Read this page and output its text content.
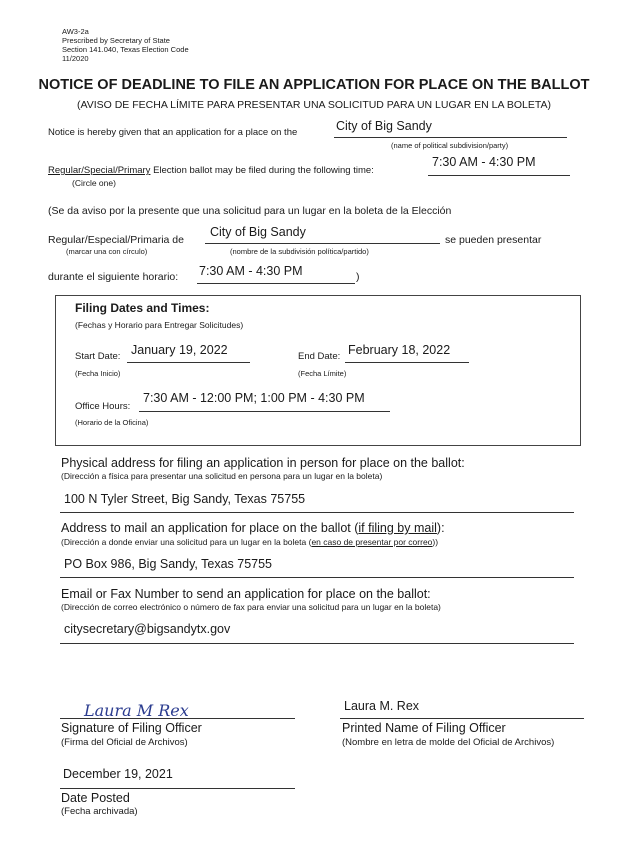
AW3-2a
Prescribed by Secretary of State
Section 141.040, Texas Election Code
11/2020
NOTICE OF DEADLINE TO FILE AN APPLICATION FOR PLACE ON THE BALLOT
(AVISO DE FECHA LÍMITE PARA PRESENTAR UNA SOLICITUD PARA UN LUGAR EN LA BOLETA)
Notice is hereby given that an application for a place on the	City of Big Sandy
(name of political subdivision/party)
Regular/Special/Primary Election ballot may be filed during the following time:
7:30 AM - 4:30 PM
(Circle one)
(Se da aviso por la presente que una solicitud para un lugar en la boleta de la Elección
Regular/Especial/Primaria de
City of Big Sandy
se pueden presentar
(marcar una con círculo)	(nombre de la subdivisión política/partido)
durante el siguiente horario: 7:30 AM - 4:30 PM	)
Filing Dates and Times:
(Fechas y Horario para Entregar Solicitudes)
Start Date: January 19, 2022
(Fecha Inicio)
End Date: February 18, 2022
(Fecha Límite)
Office Hours:
7:30 AM - 12:00 PM; 1:00 PM - 4:30 PM
(Horario de la Oficina)
Physical address for filing an application in person for place on the ballot:
(Dirección a física para presentar una solicitud en persona para un lugar en la boleta)
100 N Tyler Street, Big Sandy, Texas 75755
Address to mail an application for place on the ballot (if filing by mail):
(Dirección a donde enviar una solicitud para un lugar en la boleta (en caso de presentar por correo))
PO Box 986, Big Sandy, Texas 75755
Email or Fax Number to send an application for place on the ballot:
(Dirección de correo electrónico o número de fax para enviar una solicitud para un lugar en la boleta)
citysecretary@bigsandytx.gov
Laura M Rex
Signature of Filing Officer
(Firma del Oficial de Archivos)
Laura M. Rex
Printed Name of Filing Officer
(Nombre en letra de molde del Oficial de Archivos)
December 19, 2021
Date Posted
(Fecha archivada)
